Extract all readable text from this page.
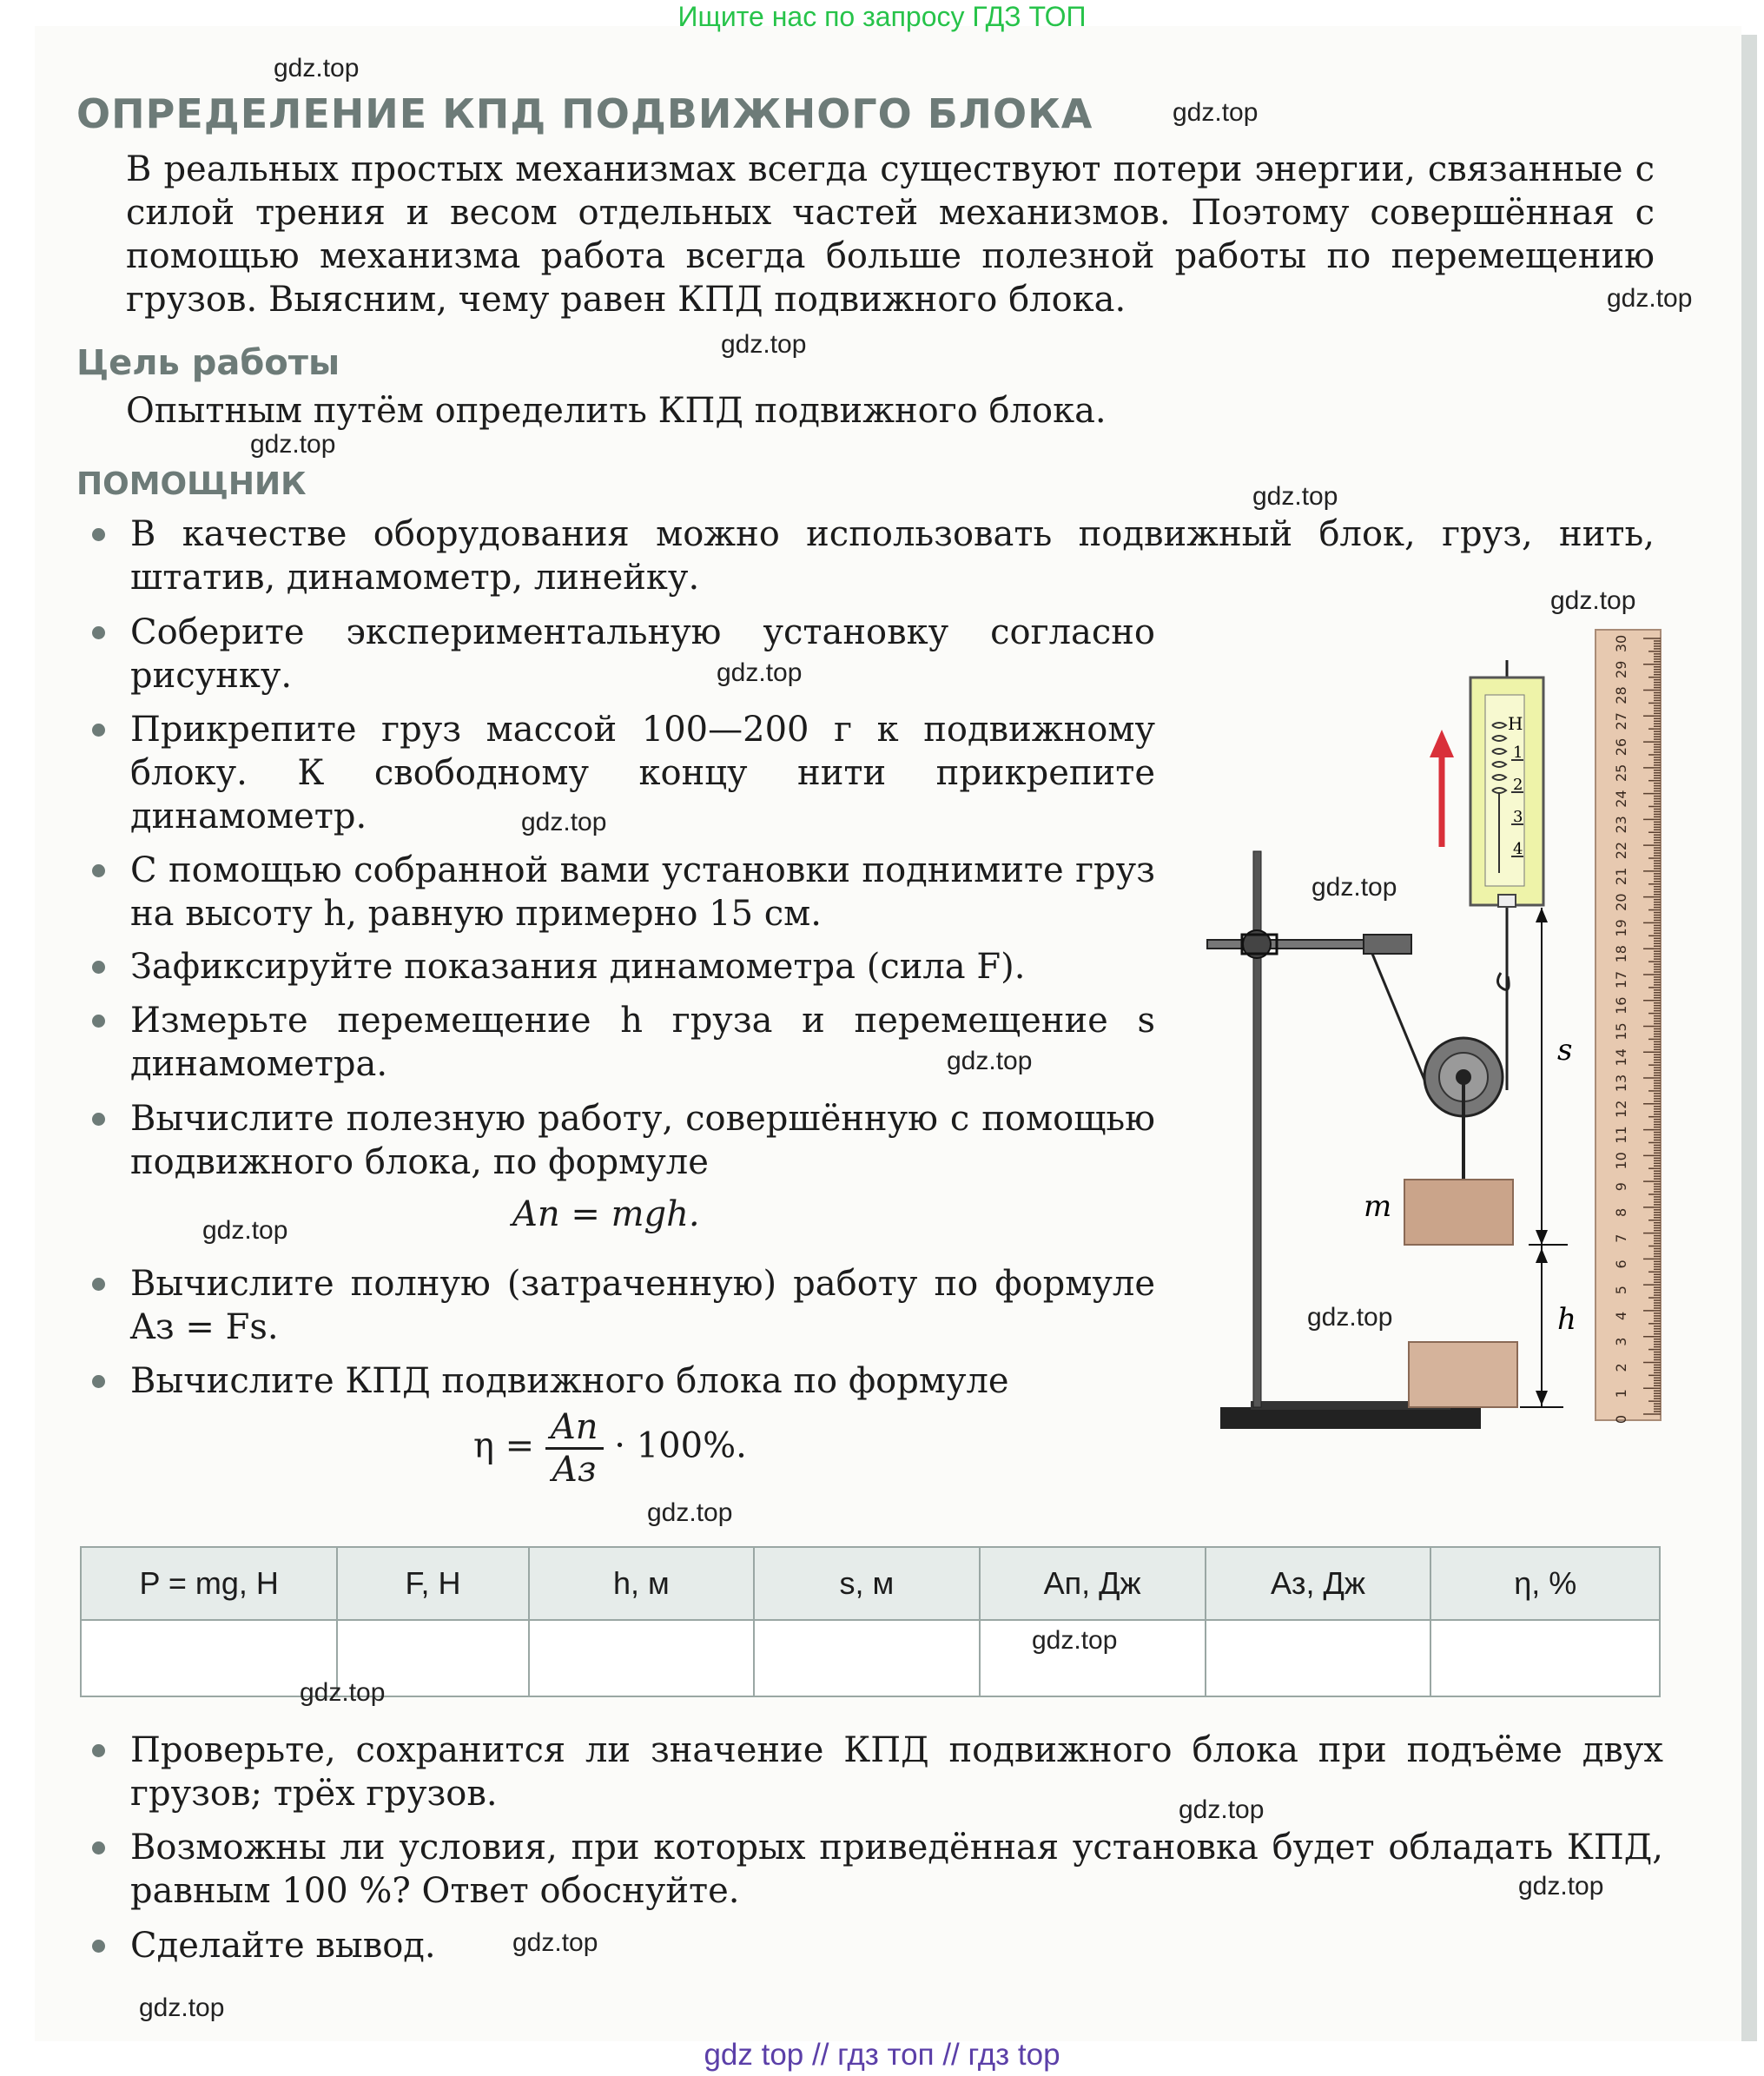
Ищите нас по запросу ГДЗ ТОП
ОПРЕДЕЛЕНИЕ КПД ПОДВИЖНОГО БЛОКА

В реальных простых механизмах всегда существуют потери энергии, связанные с силой трения и весом отдельных частей механизмов. Поэтому совершённая с помощью механизма работа всегда больше полезной работы по перемещению грузов. Выясним, чему равен КПД подвижного блока.

Цель работы

Опытным путём определить КПД подвижного блока.

ПОМОЩНИК
В качестве оборудования можно использовать подвижный блок, груз, нить, штатив, динамометр, линейку.
Соберите экспериментальную установку согласно рисунку.
Прикрепите груз массой 100—200 г к подвижному блоку. К свободному концу нити прикрепите динамометр.
С помощью собранной вами установки поднимите груз на высоту h, равную примерно 15 см.
Зафиксируйте показания динамометра (сила F).
Измерьте перемещение h груза и перемещение s динамометра.
Вычислите полезную работу, совершённую с помощью подвижного блока, по формуле
Aп = mgh.
Вычислите полную (затраченную) работу по формуле Aз = Fs.
Вычислите КПД подвижного блока по формуле
$\eta = \frac{Aп}{Aз} \cdot 100\%$.
P = mg, Н	F, Н	h, м	s, м	Aп, Дж	Aз, Дж	η, %

Проверьте, сохранится ли значение КПД подвижного блока при подъёме двух грузов; трёх грузов.
Возможны ли условия, при которых приведённая установка будет обладать КПД, равным 100 %? Ответ обоснуйте.
Сделайте вывод.
0
1
2
3
4
5
6
7
8
9
10
11
12
13
14
15
16
17
18
19
20
21
22
23
24
25
26
27
28
29
30
Н
1
2
3
4
s
h
m
gdz.top
gdz.top
gdz.top
gdz.top
gdz.top
gdz.top
gdz.top
gdz.top
gdz.top
gdz.top
gdz.top
gdz.top
gdz.top
gdz.top
gdz.top
gdz.top
gdz.top
gdz.top
gdz.top
gdz.top
gdz top // гдз топ // гдз top
